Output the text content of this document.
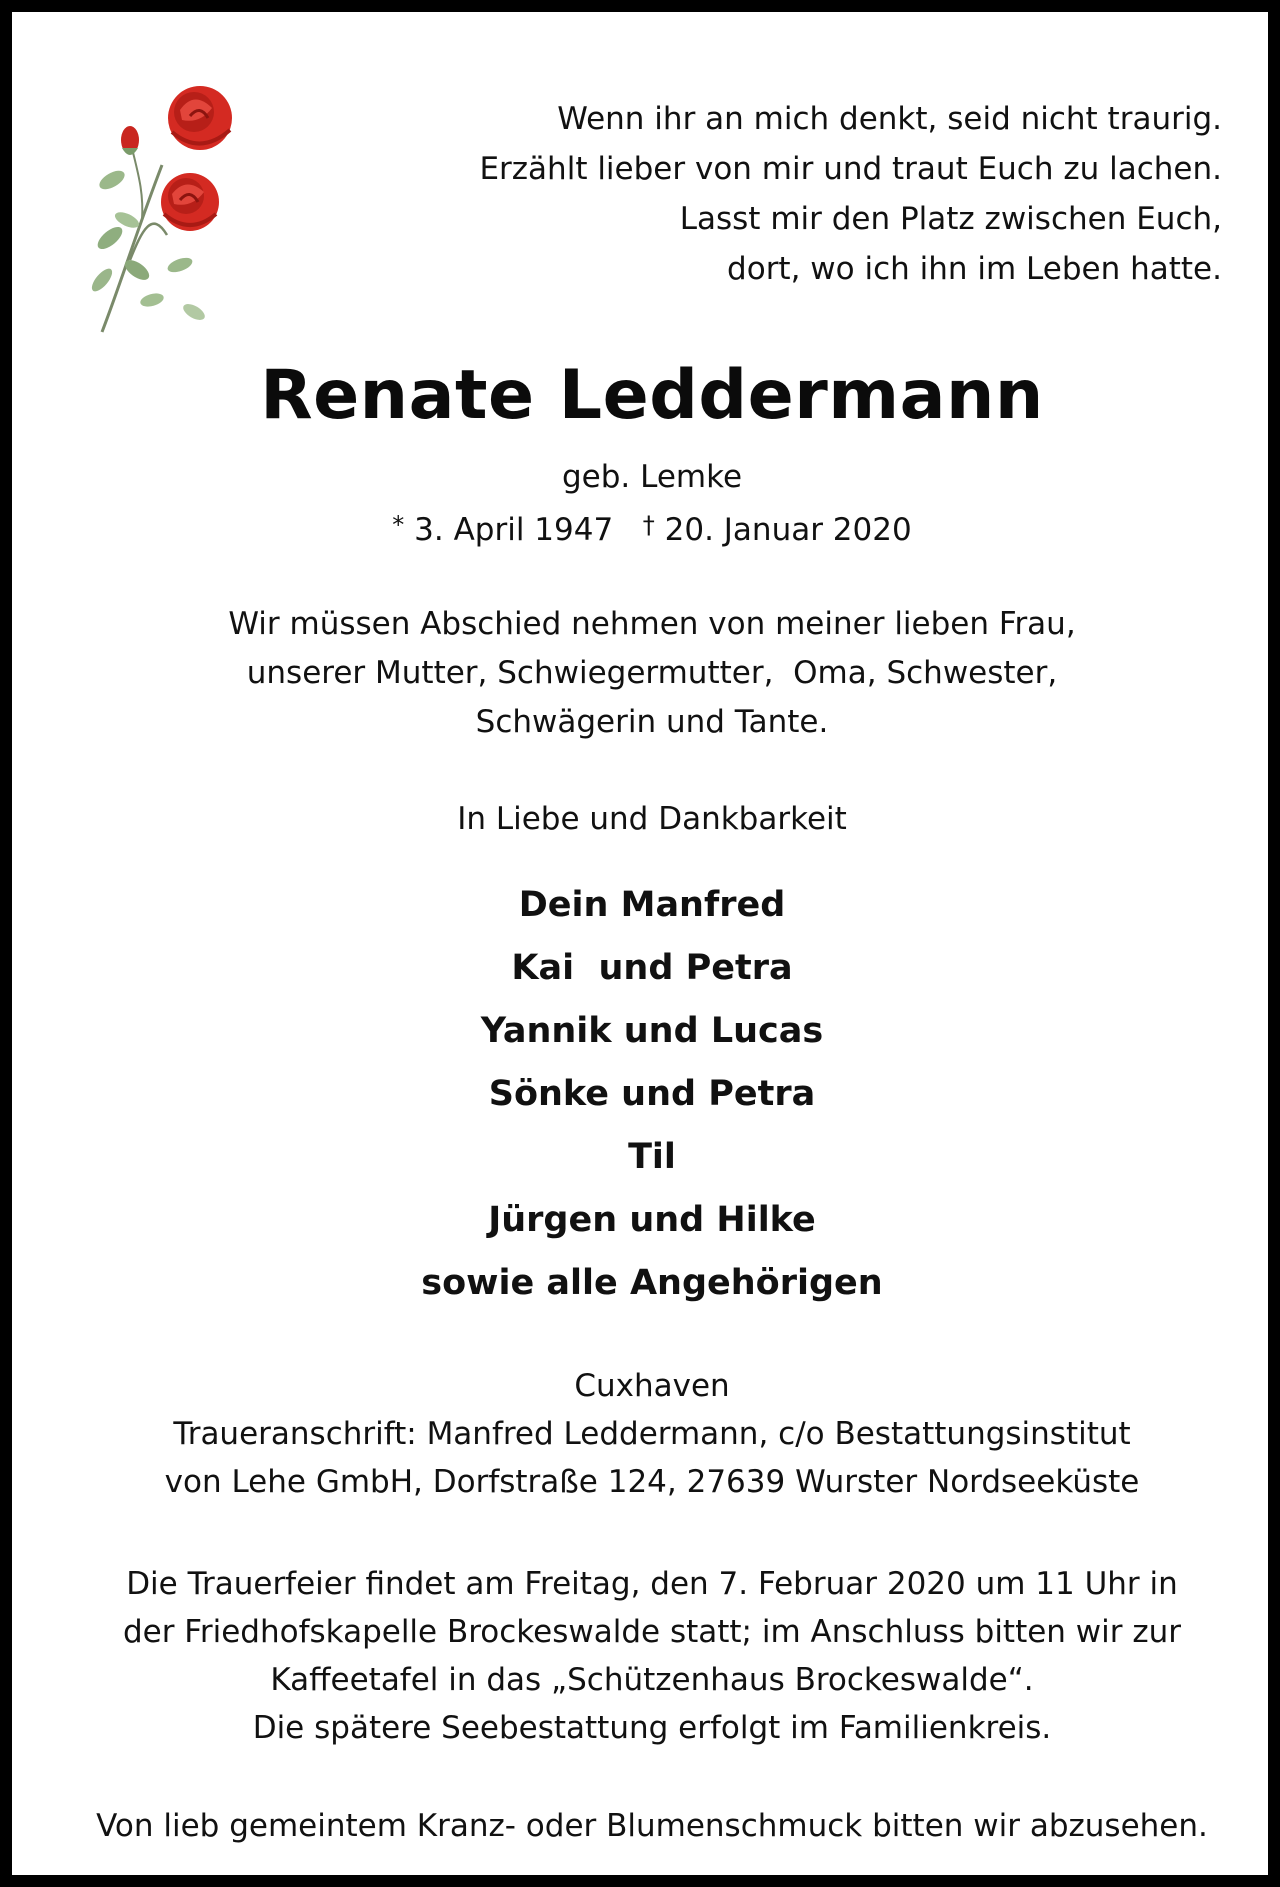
Wenn ihr an mich denkt, seid nicht traurig.
Erzählt lieber von mir und traut Euch zu lachen.
Lasst mir den Platz zwischen Euch,
dort, wo ich ihn im Leben hatte.
Renate Leddermann
geb. Lemke
* 3. April 1947 † 20. Januar 2020
Wir müssen Abschied nehmen von meiner lieben Frau,
unserer Mutter, Schwiegermutter,  Oma, Schwester,
Schwägerin und Tante.
In Liebe und Dankbarkeit
Dein Manfred
Kai  und Petra
Yannik und Lucas
Sönke und Petra
Til
Jürgen und Hilke
sowie alle Angehörigen
Cuxhaven
Traueranschrift: Manfred Leddermann, c/o Bestattungsinstitut
von Lehe GmbH, Dorfstraße 124, 27639 Wurster Nordseeküste
Die Trauerfeier findet am Freitag, den 7. Februar 2020 um 11 Uhr in
der Friedhofskapelle Brockeswalde statt; im Anschluss bitten wir zur
Kaffeetafel in das „Schützenhaus Brockeswalde“.
Die spätere Seebestattung erfolgt im Familienkreis.
Von lieb gemeintem Kranz- oder Blumenschmuck bitten wir abzusehen.
